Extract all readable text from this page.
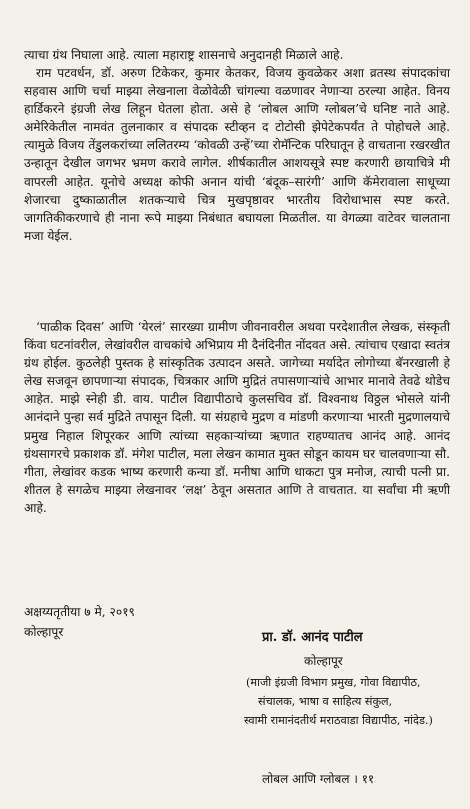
त्याचा ग्रंथ निघाला आहे. त्याला महाराष्ट्र शासनाचे अनुदानही मिळाले आहे.

राम पटवर्धन, डॉ. अरुण टिकेकर, कुमार केतकर, विजय कुवळेकर अशा व्रतस्थ संपादकांचा सहवास आणि चर्चा माझ्या लेखनाला वेळोवेळी चांगल्या वळणावर नेणाऱ्या ठरल्या आहेत. विनय हार्डिकरने इंग्रजी लेख लिहून घेतला होता. असे हे ‘लोबल आणि ग्लोबल’चे घनिष्ट नाते आहे. अमेरिकेतील नामवंत तुलनाकार व संपादक स्टीव्हन द टोटोसी झेपेटेकपर्यंत ते पोहोचले आहे. त्यामुळे विजय तेंडुलकरांच्या ललितरम्य ‘कोवळी उन्हें’च्या रोमॅन्टिक परिघातून हे वाचताना रखरखीत उन्हातून देखील जगभर भ्रमण करावे लागेल. शीर्षकातील आशयसूत्रे स्पष्ट करणारी छायाचित्रे मी वापरली आहेत. यूनोचे अध्यक्ष कोफी अनान यांची ‘बंदूक–सारंगी’ आणि कॅमेरावाला साधूच्या शेजारचा दुष्काळातील शतकऱ्याचे चित्र मुखपृष्ठावर भारतीय विरोधाभास स्पष्ट करते. जागतिकीकरणाचे ही नाना रूपे माझ्या निबंधात बघायला मिळतील. या वेगळ्या वाटेवर चालताना मजा येईल.

‘पाळीक दिवस’ आणि ‘येरलं’ सारख्या ग्रामीण जीवनावरील अथवा परदेशातील लेखक, संस्कृती किंवा घटनांवरील, लेखांवरील वाचकांचे अभिप्राय मी दैनंदिनीत नोंदवत असे. त्यांचाच एखादा स्वतंत्र ग्रंथ होईल. कुठलेही पुस्तक हे सांस्कृतिक उत्पादन असते. जागेच्या मर्यादेत लोगोच्या बॅनरखाली हे लेख सजवून छापणाऱ्या संपादक, चित्रकार आणि मुद्रितं तपासणाऱ्यांचे आभार मानावे तेवढे थोडेच आहेत. माझे स्नेही डी. वाय. पाटील विद्यापीठाचे कुलसचिव डॉ. विश्वनाथ विठ्ठल भोसले यांनी आनंदाने पुन्हा सर्व मुद्रिते तपासून दिली. या संग्रहाचे मुद्रण व मांडणी करणाऱ्या भारती मुद्रणालयाचे प्रमुख निहाल शिपूरकर आणि त्यांच्या सहकाऱ्यांच्या ऋणात राहण्यातच आनंद आहे. आनंद ग्रंथसागरचे प्रकाशक डॉ. मंगेश पाटील, मला लेखन कामात मुक्त सोडून कायम घर चालवणाऱ्या सौ. गीता, लेखांवर कडक भाष्य करणारी कन्या डॉ. मनीषा आणि धाकटा पुत्र मनोज, त्याची पत्नी प्रा. शीतल हे सगळेच माझ्या लेखनावर ‘लक्ष’ ठेवून असतात आणि ते वाचतात. या सर्वांचा मी ऋणी आहे.

अक्षय्यतृतीया ७ मे, २०१९
कोल्हापूर	प्रा. डॉ. आनंद पाटील
कोल्हापूर
(माजी इंग्रजी विभाग प्रमुख, गोवा विद्यापीठ,
संचालक, भाषा व साहित्य संकुल,
स्वामी रामानंदतीर्थ मराठवाडा विद्यापीठ, नांदेड.)
लोबल आणि ग्लोबल । ११
